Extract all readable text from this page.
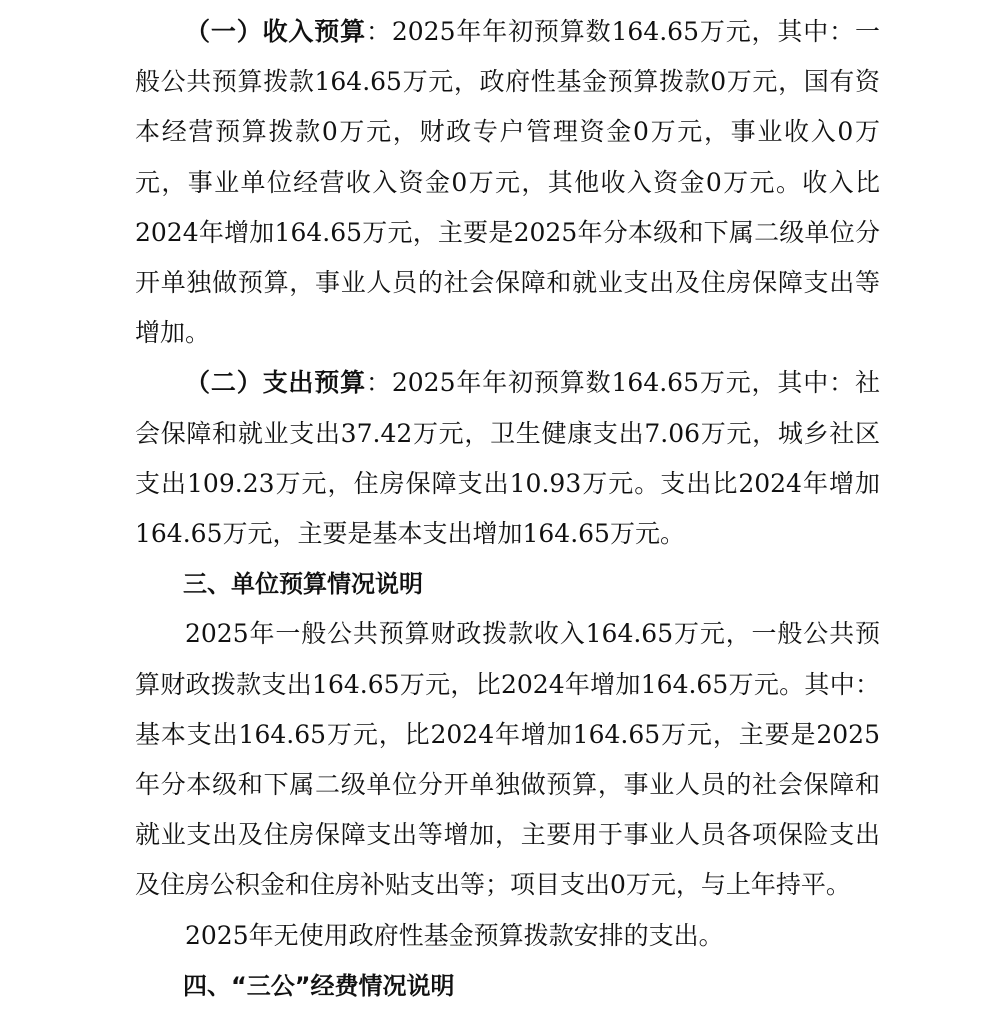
（一）收入预算：2025年年初预算数164.65万元，其中：一般公共预算拨款164.65万元，政府性基金预算拨款0万元，国有资本经营预算拨款0万元，财政专户管理资金0万元，事业收入0万元，事业单位经营收入资金0万元，其他收入资金0万元。收入比2024年增加164.65万元，主要是2025年分本级和下属二级单位分开单独做预算，事业人员的社会保障和就业支出及住房保障支出等增加。

（二）支出预算：2025年年初预算数164.65万元，其中：社会保障和就业支出37.42万元，卫生健康支出7.06万元，城乡社区支出109.23万元，住房保障支出10.93万元。支出比2024年增加164.65万元，主要是基本支出增加164.65万元。

三、单位预算情况说明

2025年一般公共预算财政拨款收入164.65万元，一般公共预算财政拨款支出164.65万元，比2024年增加164.65万元。其中：基本支出164.65万元，比2024年增加164.65万元，主要是2025年分本级和下属二级单位分开单独做预算，事业人员的社会保障和就业支出及住房保障支出等增加，主要用于事业人员各项保险支出及住房公积金和住房补贴支出等；项目支出0万元，与上年持平。

2025年无使用政府性基金预算拨款安排的支出。

四、“三公”经费情况说明
